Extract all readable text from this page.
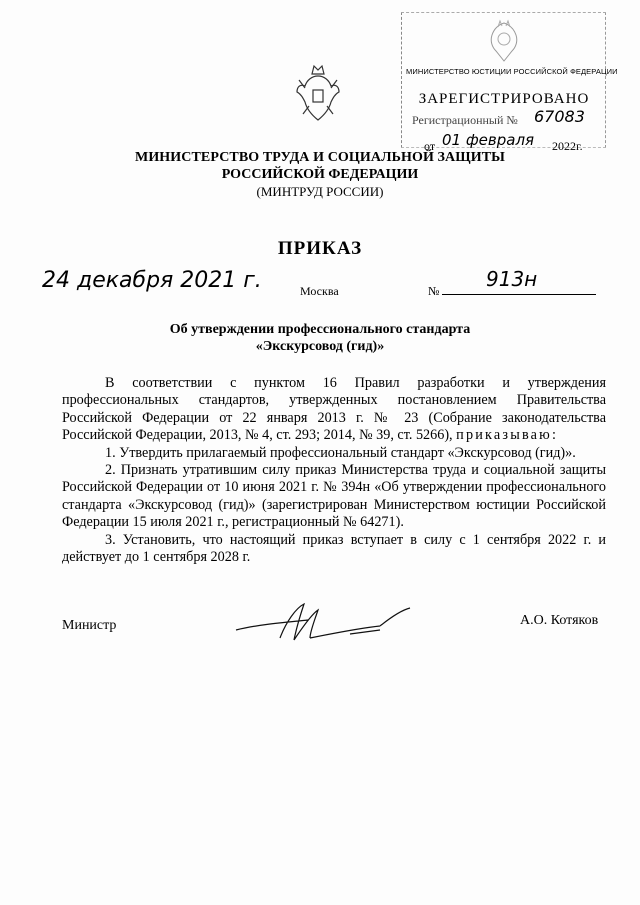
МИНИСТЕРСТВО ЮСТИЦИИ РОССИЙСКОЙ ФЕДЕРАЦИИ
ЗАРЕГИСТРИРОВАНО
Регистрационный № 67083
от 01 февраля 2022г.
МИНИСТЕРСТВО ТРУДА И СОЦИАЛЬНОЙ ЗАЩИТЫ
РОССИЙСКОЙ ФЕДЕРАЦИИ
(МИНТРУД РОССИИ)
ПРИКАЗ
24 декабря 2021 г.	Москва	№ 913н
Об утверждении профессионального стандарта
«Экскурсовод (гид)»

В соответствии с пунктом 16 Правил разработки и утверждения профессиональных стандартов, утвержденных постановлением Правительства Российской Федерации от 22 января 2013 г. № 23 (Собрание законодательства Российской Федерации, 2013, № 4, ст. 293; 2014, № 39, ст. 5266), приказываю:

1. Утвердить прилагаемый профессиональный стандарт «Экскурсовод (гид)».

2. Признать утратившим силу приказ Министерства труда и социальной защиты Российской Федерации от 10 июня 2021 г. № 394н «Об утверждении профессионального стандарта «Экскурсовод (гид)» (зарегистрирован Министерством юстиции Российской Федерации 15 июля 2021 г., регистрационный № 64271).

3. Установить, что настоящий приказ вступает в силу с 1 сентября 2022 г. и действует до 1 сентября 2028 г.

Министр	А.О. Котяков
